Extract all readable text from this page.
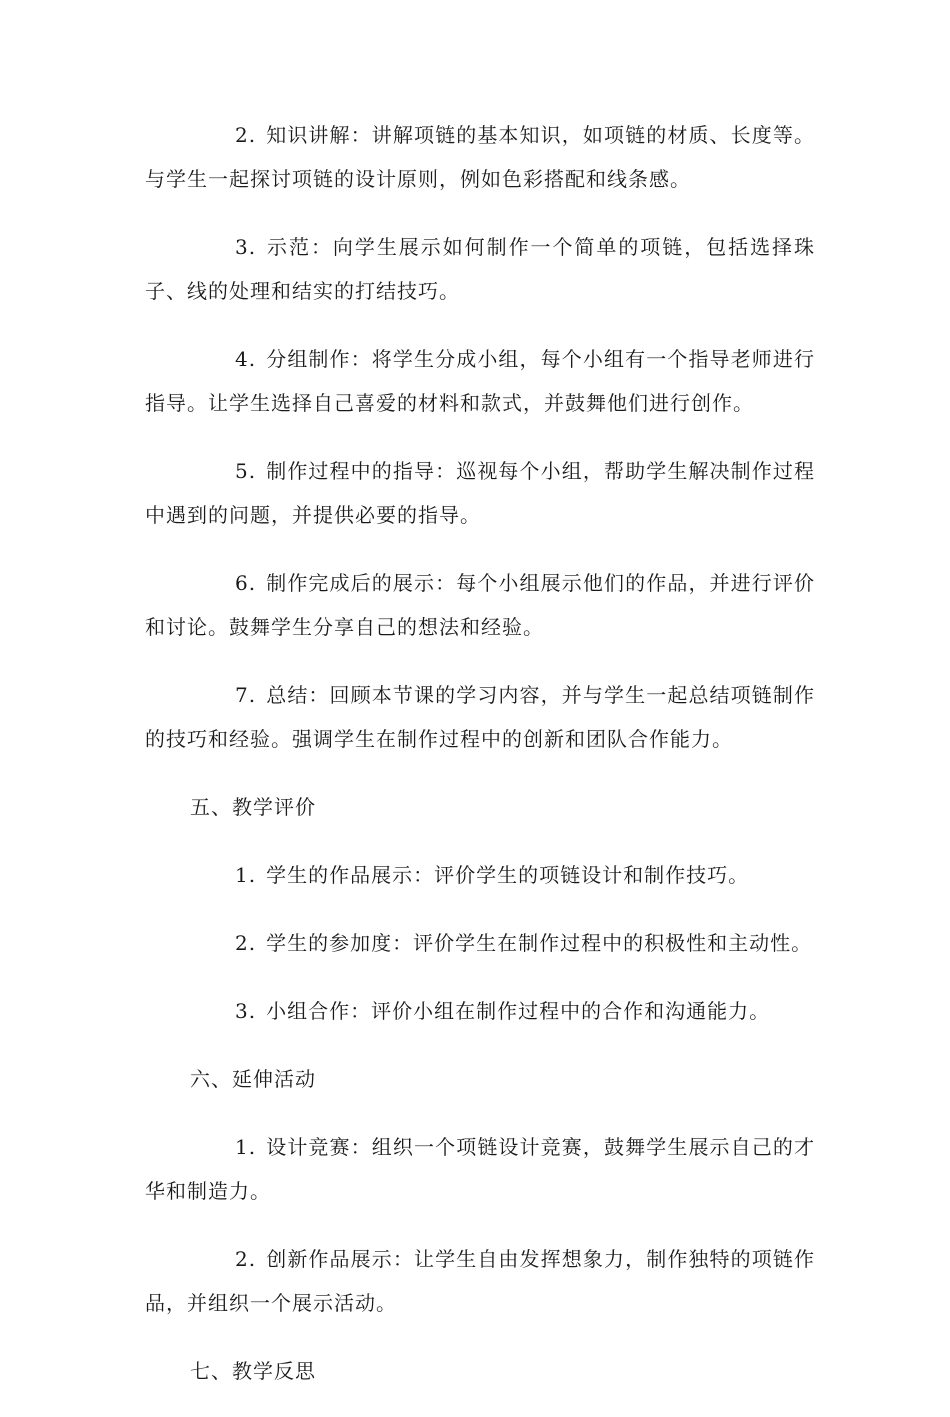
2. 知识讲解：讲解项链的基本知识，如项链的材质、长度等。与学生一起探讨项链的设计原则，例如色彩搭配和线条感。

3. 示范：向学生展示如何制作一个简单的项链，包括选择珠子、线的处理和结实的打结技巧。

4. 分组制作：将学生分成小组，每个小组有一个指导老师进行指导。让学生选择自己喜爱的材料和款式，并鼓舞他们进行创作。

5. 制作过程中的指导：巡视每个小组，帮助学生解决制作过程中遇到的问题，并提供必要的指导。

6. 制作完成后的展示：每个小组展示他们的作品，并进行评价和讨论。鼓舞学生分享自己的想法和经验。

7. 总结：回顾本节课的学习内容，并与学生一起总结项链制作的技巧和经验。强调学生在制作过程中的创新和团队合作能力。

五、教学评价

1. 学生的作品展示：评价学生的项链设计和制作技巧。

2. 学生的参加度：评价学生在制作过程中的积极性和主动性。

3. 小组合作：评价小组在制作过程中的合作和沟通能力。

六、延伸活动

1. 设计竞赛：组织一个项链设计竞赛，鼓舞学生展示自己的才华和制造力。

2. 创新作品展示：让学生自由发挥想象力，制作独特的项链作品，并组织一个展示活动。

七、教学反思
